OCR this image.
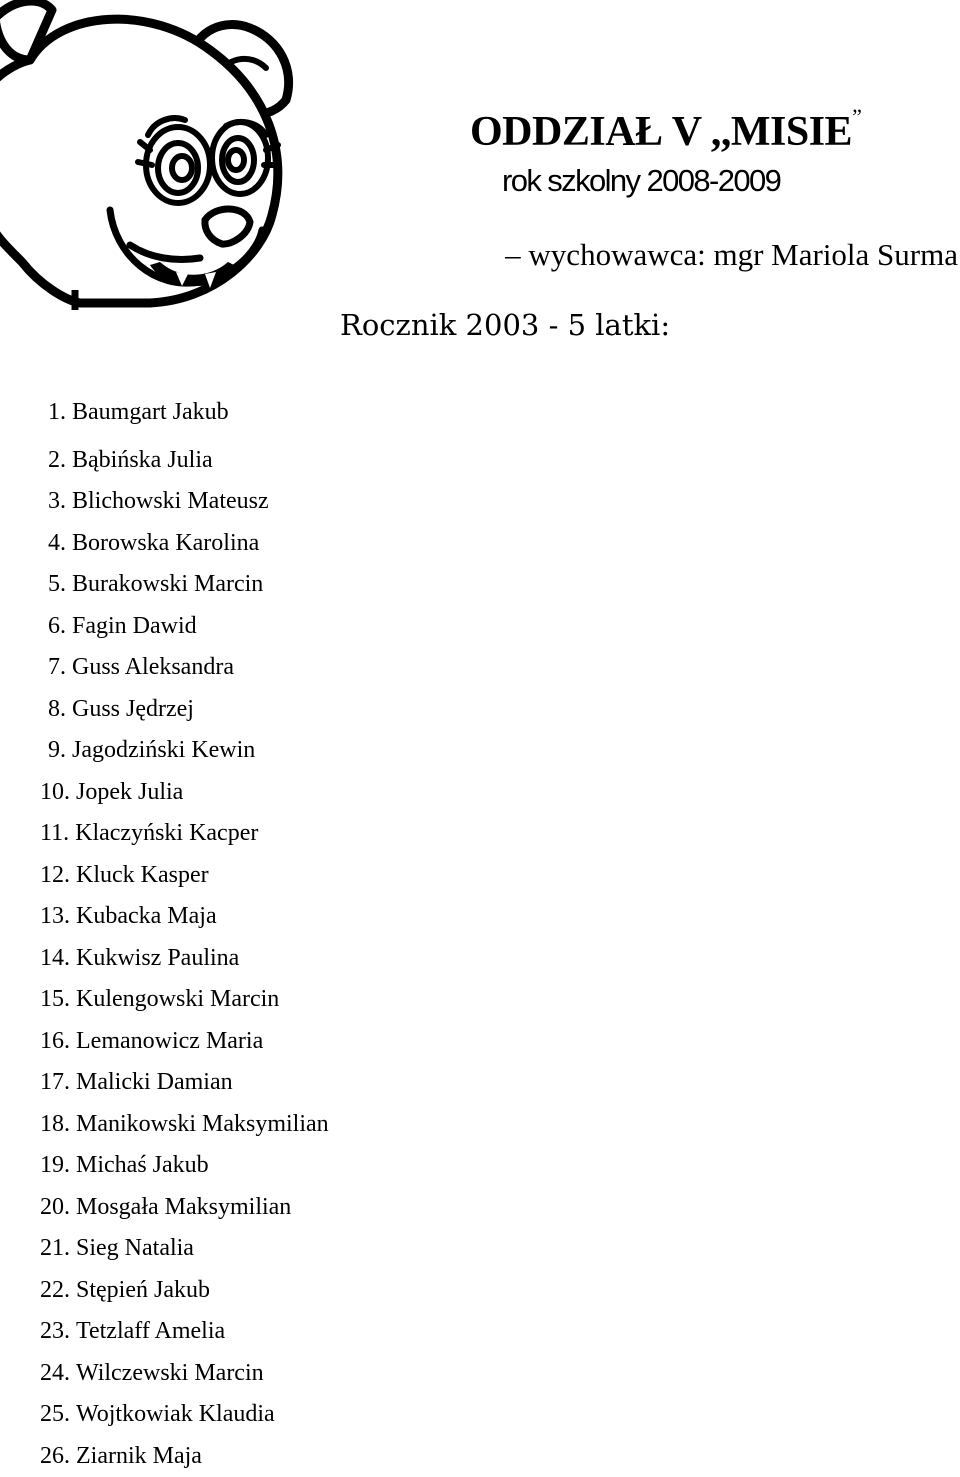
ODDZIAŁ V ,,MISIE”
rok szkolny 2008-2009
– wychowawca: mgr Mariola Surma
Rocznik 2003 - 5 latki:
1. Baumgart Jakub
2. Bąbińska Julia
3. Blichowski Mateusz
4. Borowska Karolina
5. Burakowski Marcin
6. Fagin Dawid
7. Guss Aleksandra
8. Guss Jędrzej
9. Jagodziński Kewin
10. Jopek Julia
11. Klaczyński Kacper
12. Kluck Kasper
13. Kubacka Maja
14. Kukwisz Paulina
15. Kulengowski Marcin
16. Lemanowicz Maria
17. Malicki Damian
18. Manikowski Maksymilian
19. Michaś Jakub
20. Mosgała Maksymilian
21. Sieg Natalia
22. Stępień Jakub
23. Tetzlaff Amelia
24. Wilczewski Marcin
25. Wojtkowiak Klaudia
26. Ziarnik Maja
